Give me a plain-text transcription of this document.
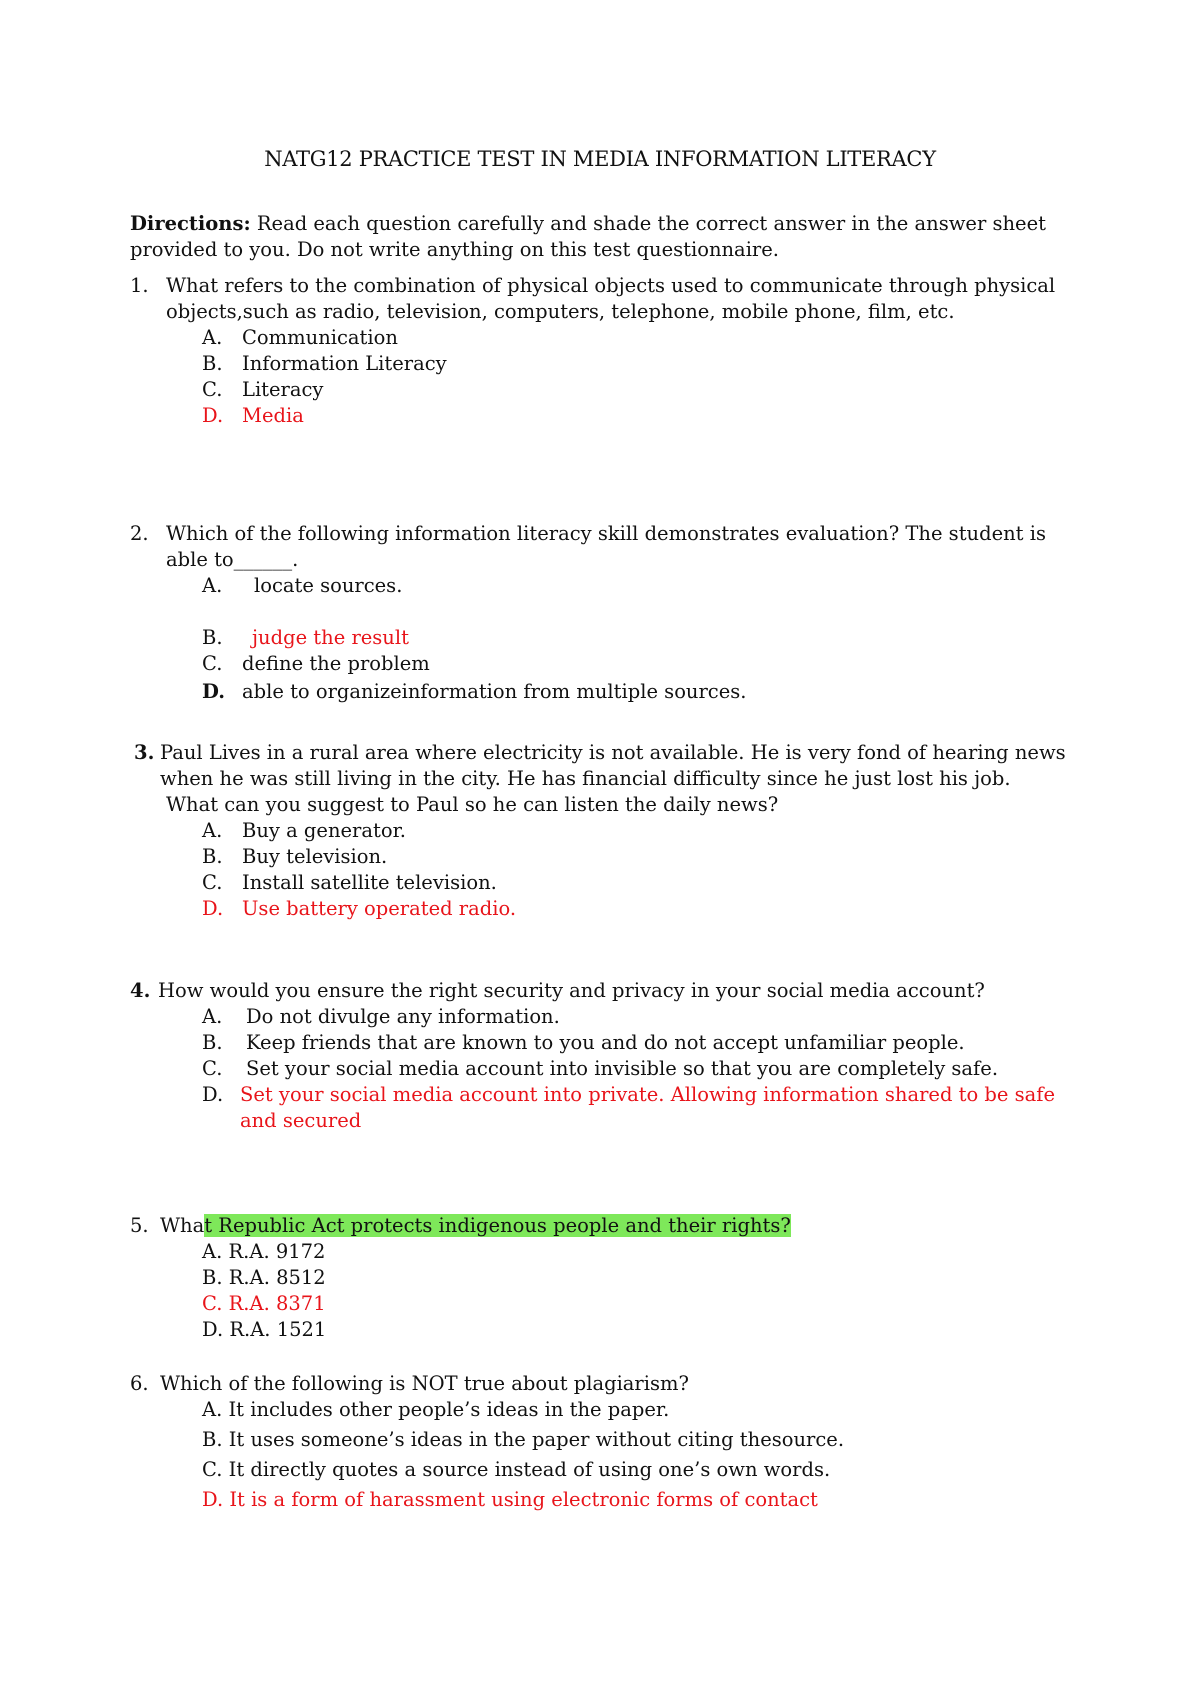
NATG12 PRACTICE TEST IN MEDIA INFORMATION LITERACY
Directions: Read each question carefully and shade the correct answer in the answer sheet provided to you. Do not write anything on this test questionnaire.
1. What refers to the combination of physical objects used to communicate through physical objects,such as radio, television, computers, telephone, mobile phone, film, etc.
A. Communication
B. Information Literacy
C. Literacy
D. Media
2. Which of the following information literacy skill demonstrates evaluation? The student is able to______.
A. locate sources.
B. judge the result
C. define the problem
D. able to organizeinformation from multiple sources.
3. Paul Lives in a rural area where electricity is not available. He is very fond of hearing news when he was still living in the city. He has financial difficulty since he just lost his job.
What can you suggest to Paul so he can listen the daily news?
A. Buy a generator.
B. Buy television.
C. Install satellite television.
D. Use battery operated radio.
4. How would you ensure the right security and privacy in your social media account?
A. Do not divulge any information.
B. Keep friends that are known to you and do not accept unfamiliar people.
C. Set your social media account into invisible so that you are completely safe.
D. Set your social media account into private. Allowing information shared to be safe and secured
5. What Republic Act protects indigenous people and their rights?
A. R.A. 9172
B. R.A. 8512
C. R.A. 8371
D. R.A. 1521
6. Which of the following is NOT true about plagiarism?
A. It includes other people’s ideas in the paper.
B. It uses someone’s ideas in the paper without citing thesource.
C. It directly quotes a source instead of using one’s own words.
D. It is a form of harassment using electronic forms of contact
